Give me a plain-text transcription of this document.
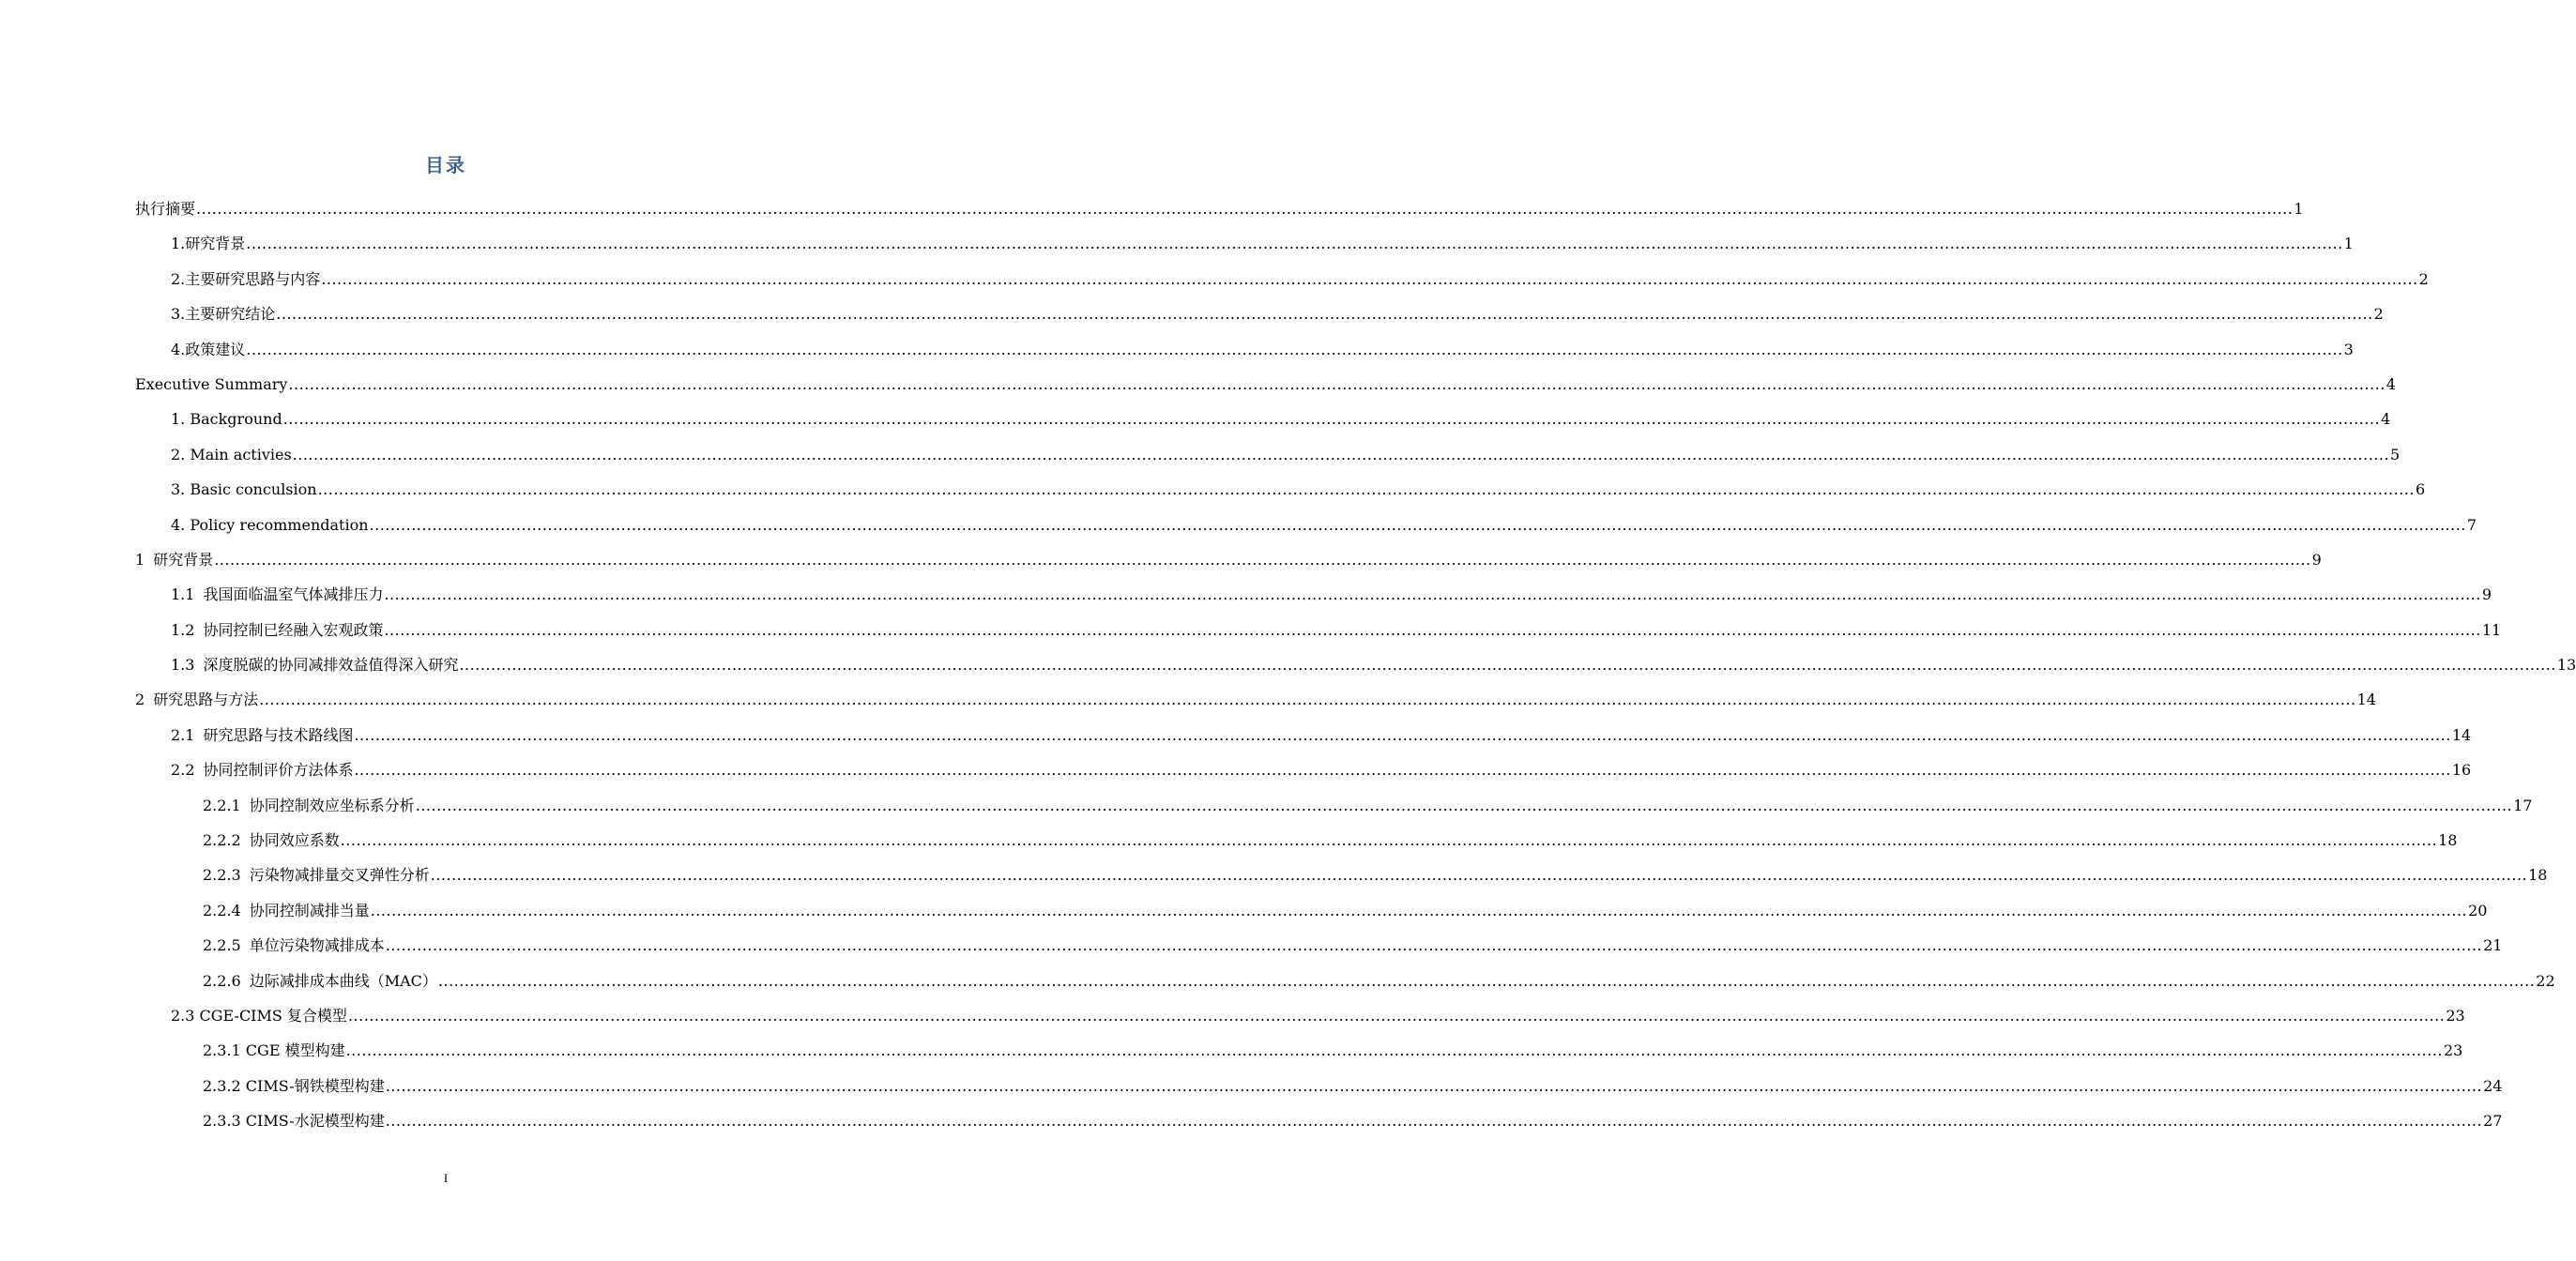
目录
执行摘要 ................................................................................................................................................................................................................................................................................................................................................................................................................ 1
1.研究背景 ................................................................................................................................................................................................................................................................................................................................................................................................................ 1
2.主要研究思路与内容 ................................................................................................................................................................................................................................................................................................................................................................................................................ 2
3.主要研究结论 ................................................................................................................................................................................................................................................................................................................................................................................................................ 2
4.政策建议 ................................................................................................................................................................................................................................................................................................................................................................................................................ 3
Executive Summary ................................................................................................................................................................................................................................................................................................................................................................................................................ 4
1. Background ................................................................................................................................................................................................................................................................................................................................................................................................................ 4
2. Main activies ................................................................................................................................................................................................................................................................................................................................................................................................................ 5
3. Basic conculsion ................................................................................................................................................................................................................................................................................................................................................................................................................ 6
4. Policy recommendation ................................................................................................................................................................................................................................................................................................................................................................................................................ 7
1 研究背景 ................................................................................................................................................................................................................................................................................................................................................................................................................ 9
1.1 我国面临温室气体减排压力 ................................................................................................................................................................................................................................................................................................................................................................................................................ 9
1.2 协同控制已经融入宏观政策 ................................................................................................................................................................................................................................................................................................................................................................................................................ 11
1.3 深度脱碳的协同减排效益值得深入研究 ................................................................................................................................................................................................................................................................................................................................................................................................................ 13
2 研究思路与方法 ................................................................................................................................................................................................................................................................................................................................................................................................................ 14
2.1 研究思路与技术路线图 ................................................................................................................................................................................................................................................................................................................................................................................................................ 14
2.2 协同控制评价方法体系 ................................................................................................................................................................................................................................................................................................................................................................................................................ 16
2.2.1 协同控制效应坐标系分析 ................................................................................................................................................................................................................................................................................................................................................................................................................ 17
2.2.2 协同效应系数 ................................................................................................................................................................................................................................................................................................................................................................................................................ 18
2.2.3 污染物减排量交叉弹性分析 ................................................................................................................................................................................................................................................................................................................................................................................................................ 18
2.2.4 协同控制减排当量 ................................................................................................................................................................................................................................................................................................................................................................................................................ 20
2.2.5 单位污染物减排成本 ................................................................................................................................................................................................................................................................................................................................................................................................................ 21
2.2.6 边际减排成本曲线（MAC） ................................................................................................................................................................................................................................................................................................................................................................................................................ 22
2.3 CGE-CIMS 复合模型 ................................................................................................................................................................................................................................................................................................................................................................................................................ 23
2.3.1 CGE 模型构建 ................................................................................................................................................................................................................................................................................................................................................................................................................ 23
2.3.2 CIMS-钢铁模型构建 ................................................................................................................................................................................................................................................................................................................................................................................................................ 24
2.3.3 CIMS-水泥模型构建 ................................................................................................................................................................................................................................................................................................................................................................................................................ 27
I
